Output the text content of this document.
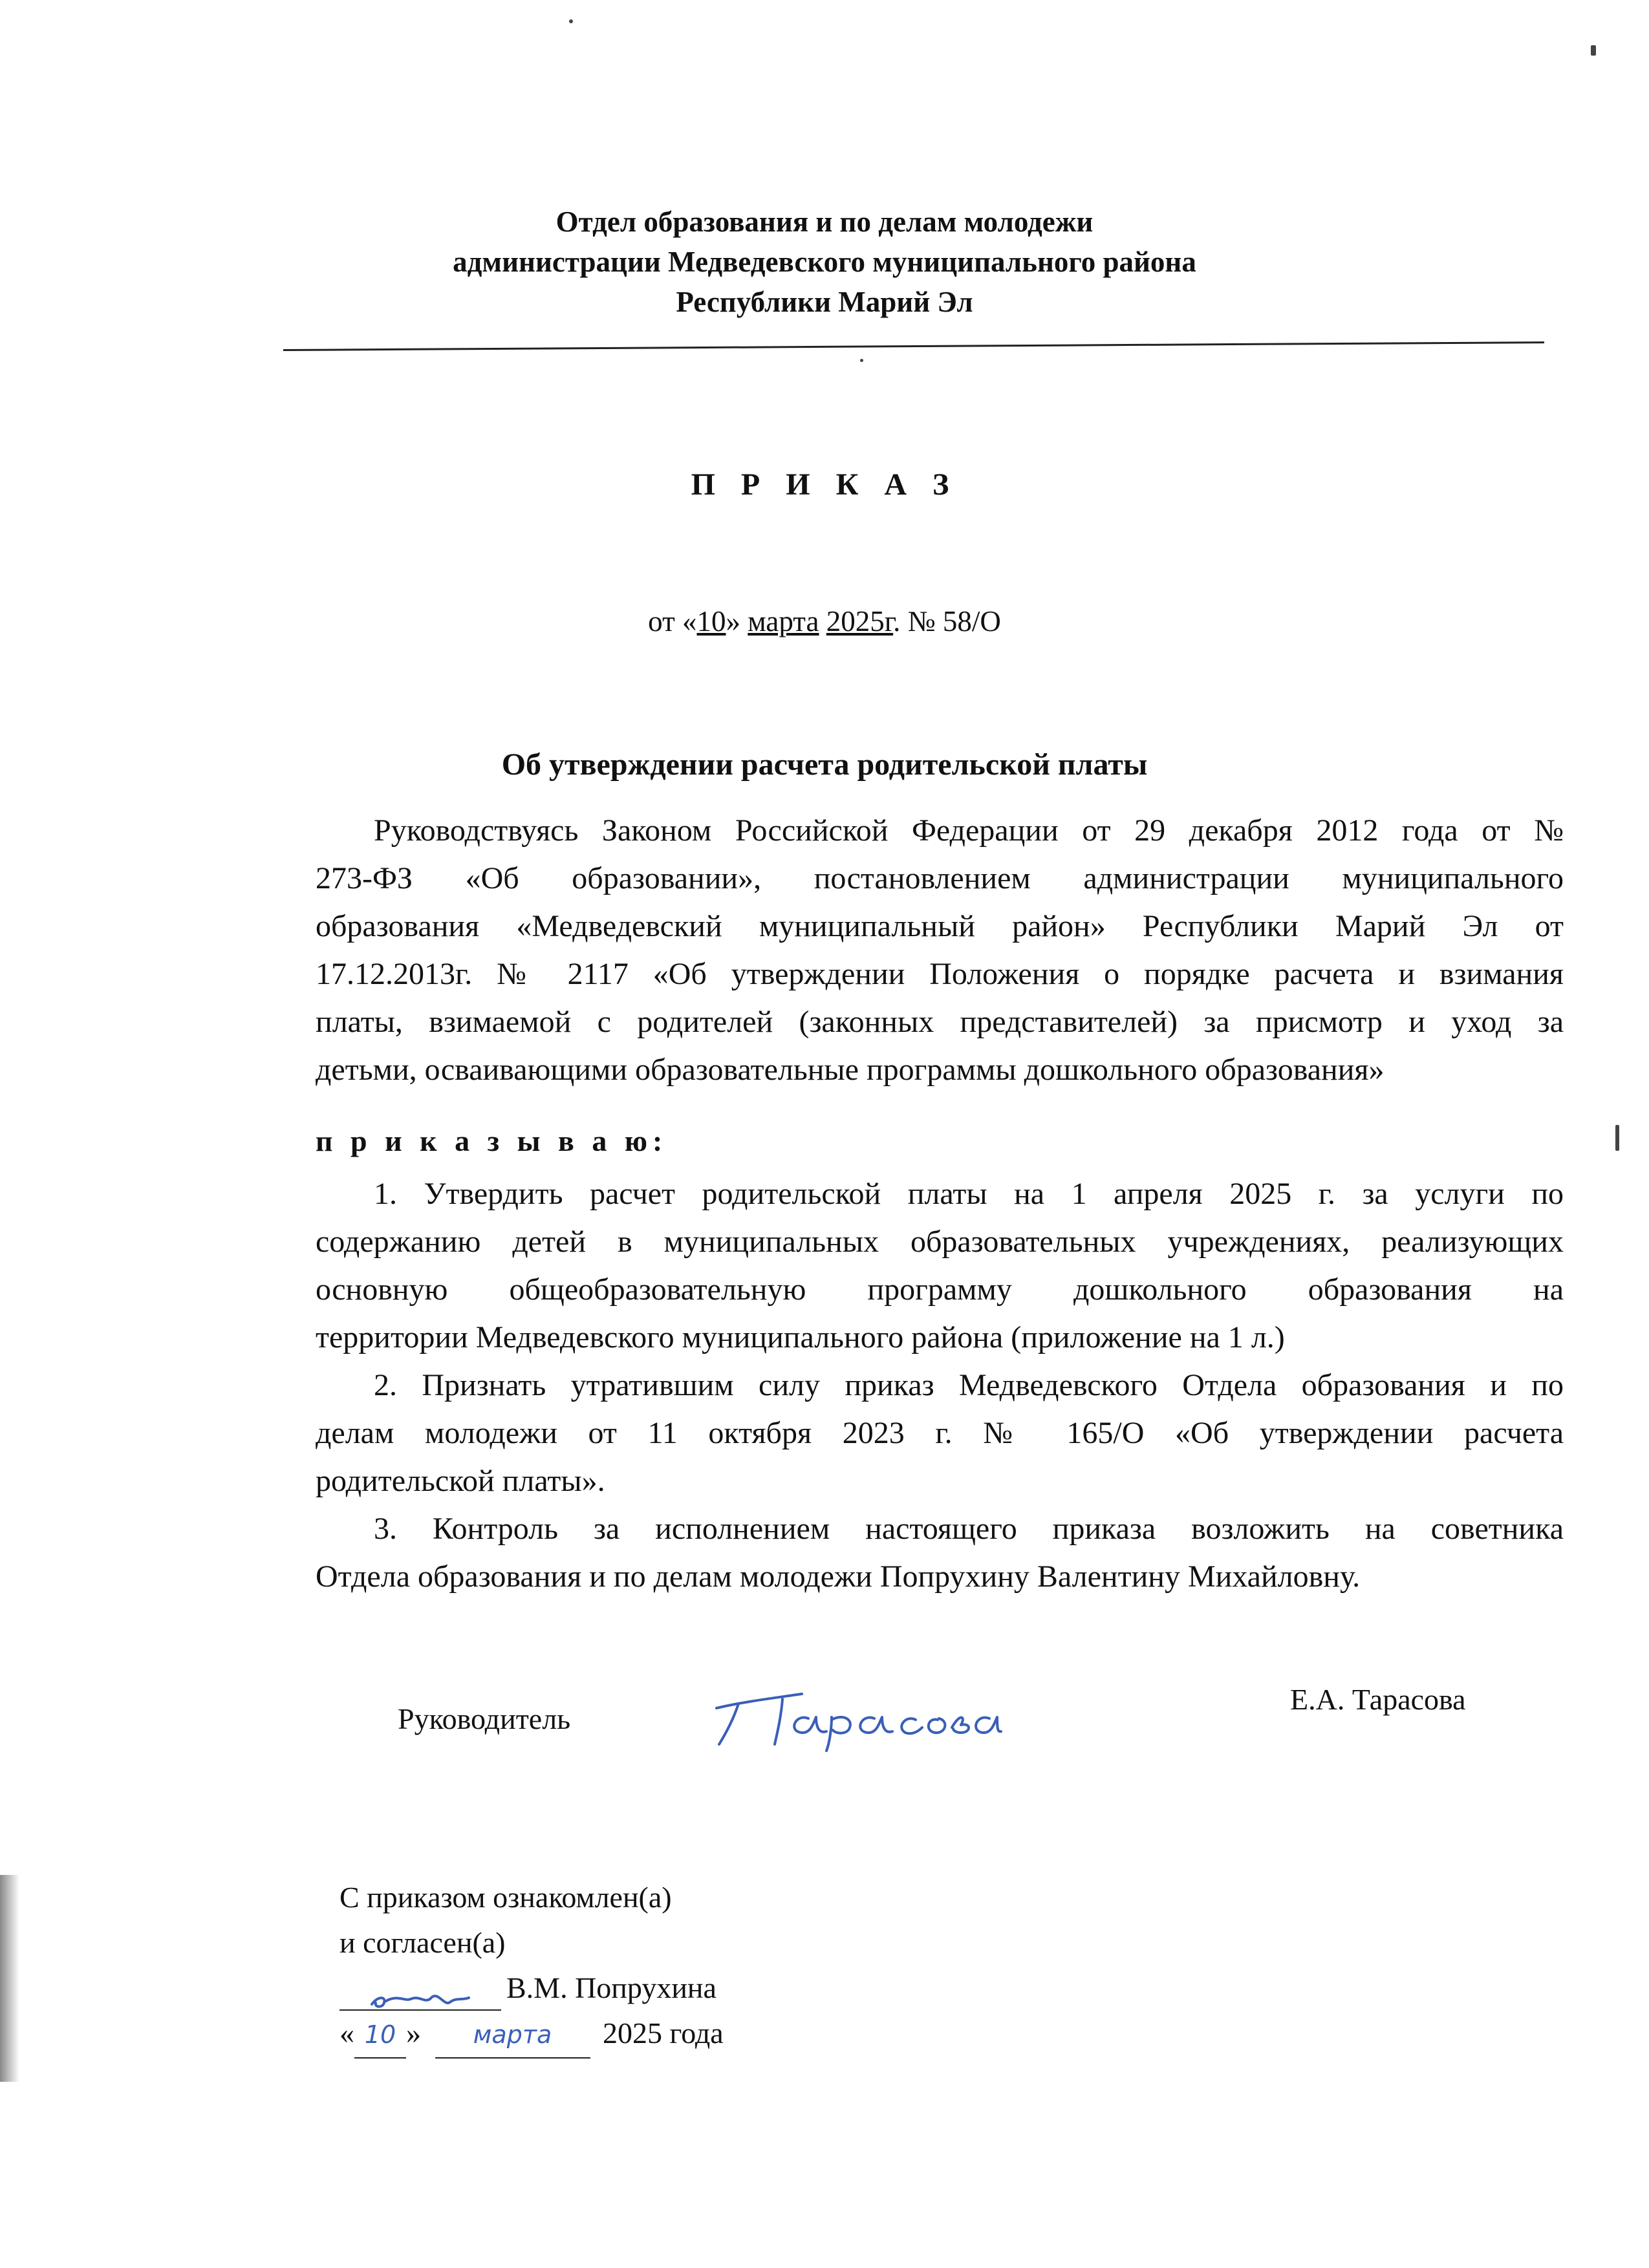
Отдел образования и по делам молодежи
администрации Медведевского муниципального района
Республики Марий Эл
П Р И К А З
от «10» марта 2025г. № 58/О
Об утверждении расчета родительской платы
Руководствуясь Законом Российской Федерации от 29 декабря 2012 года от №
273-ФЗ «Об образовании», постановлением администрации муниципального
образования «Медведевский муниципальный район» Республики Марий Эл от
17.12.2013г. № 2117 «Об утверждении Положения о порядке расчета и взимания
платы, взимаемой с родителей (законных представителей) за присмотр и уход за
детьми, осваивающими образовательные программы дошкольного образования»
п р и к а з ы в а ю:
1. Утвердить расчет родительской платы на 1 апреля 2025 г. за услуги по
содержанию детей в муниципальных образовательных учреждениях, реализующих
основную общеобразовательную программу дошкольного образования на
территории Медведевского муниципального района (приложение на 1 л.)
2. Признать утратившим силу приказ Медведевского Отдела образования и по
делам молодежи от 11 октября 2023 г. № 165/О «Об утверждении расчета
родительской платы».
3. Контроль за исполнением настоящего приказа возложить на советника
Отдела образования и по делам молодежи Попрухину Валентину Михайловну.
Руководитель
Е.А. Тарасова
С приказом ознакомлен(а)
и согласен(а)
В.М. Попрухина
« 10 » марта 2025 года
